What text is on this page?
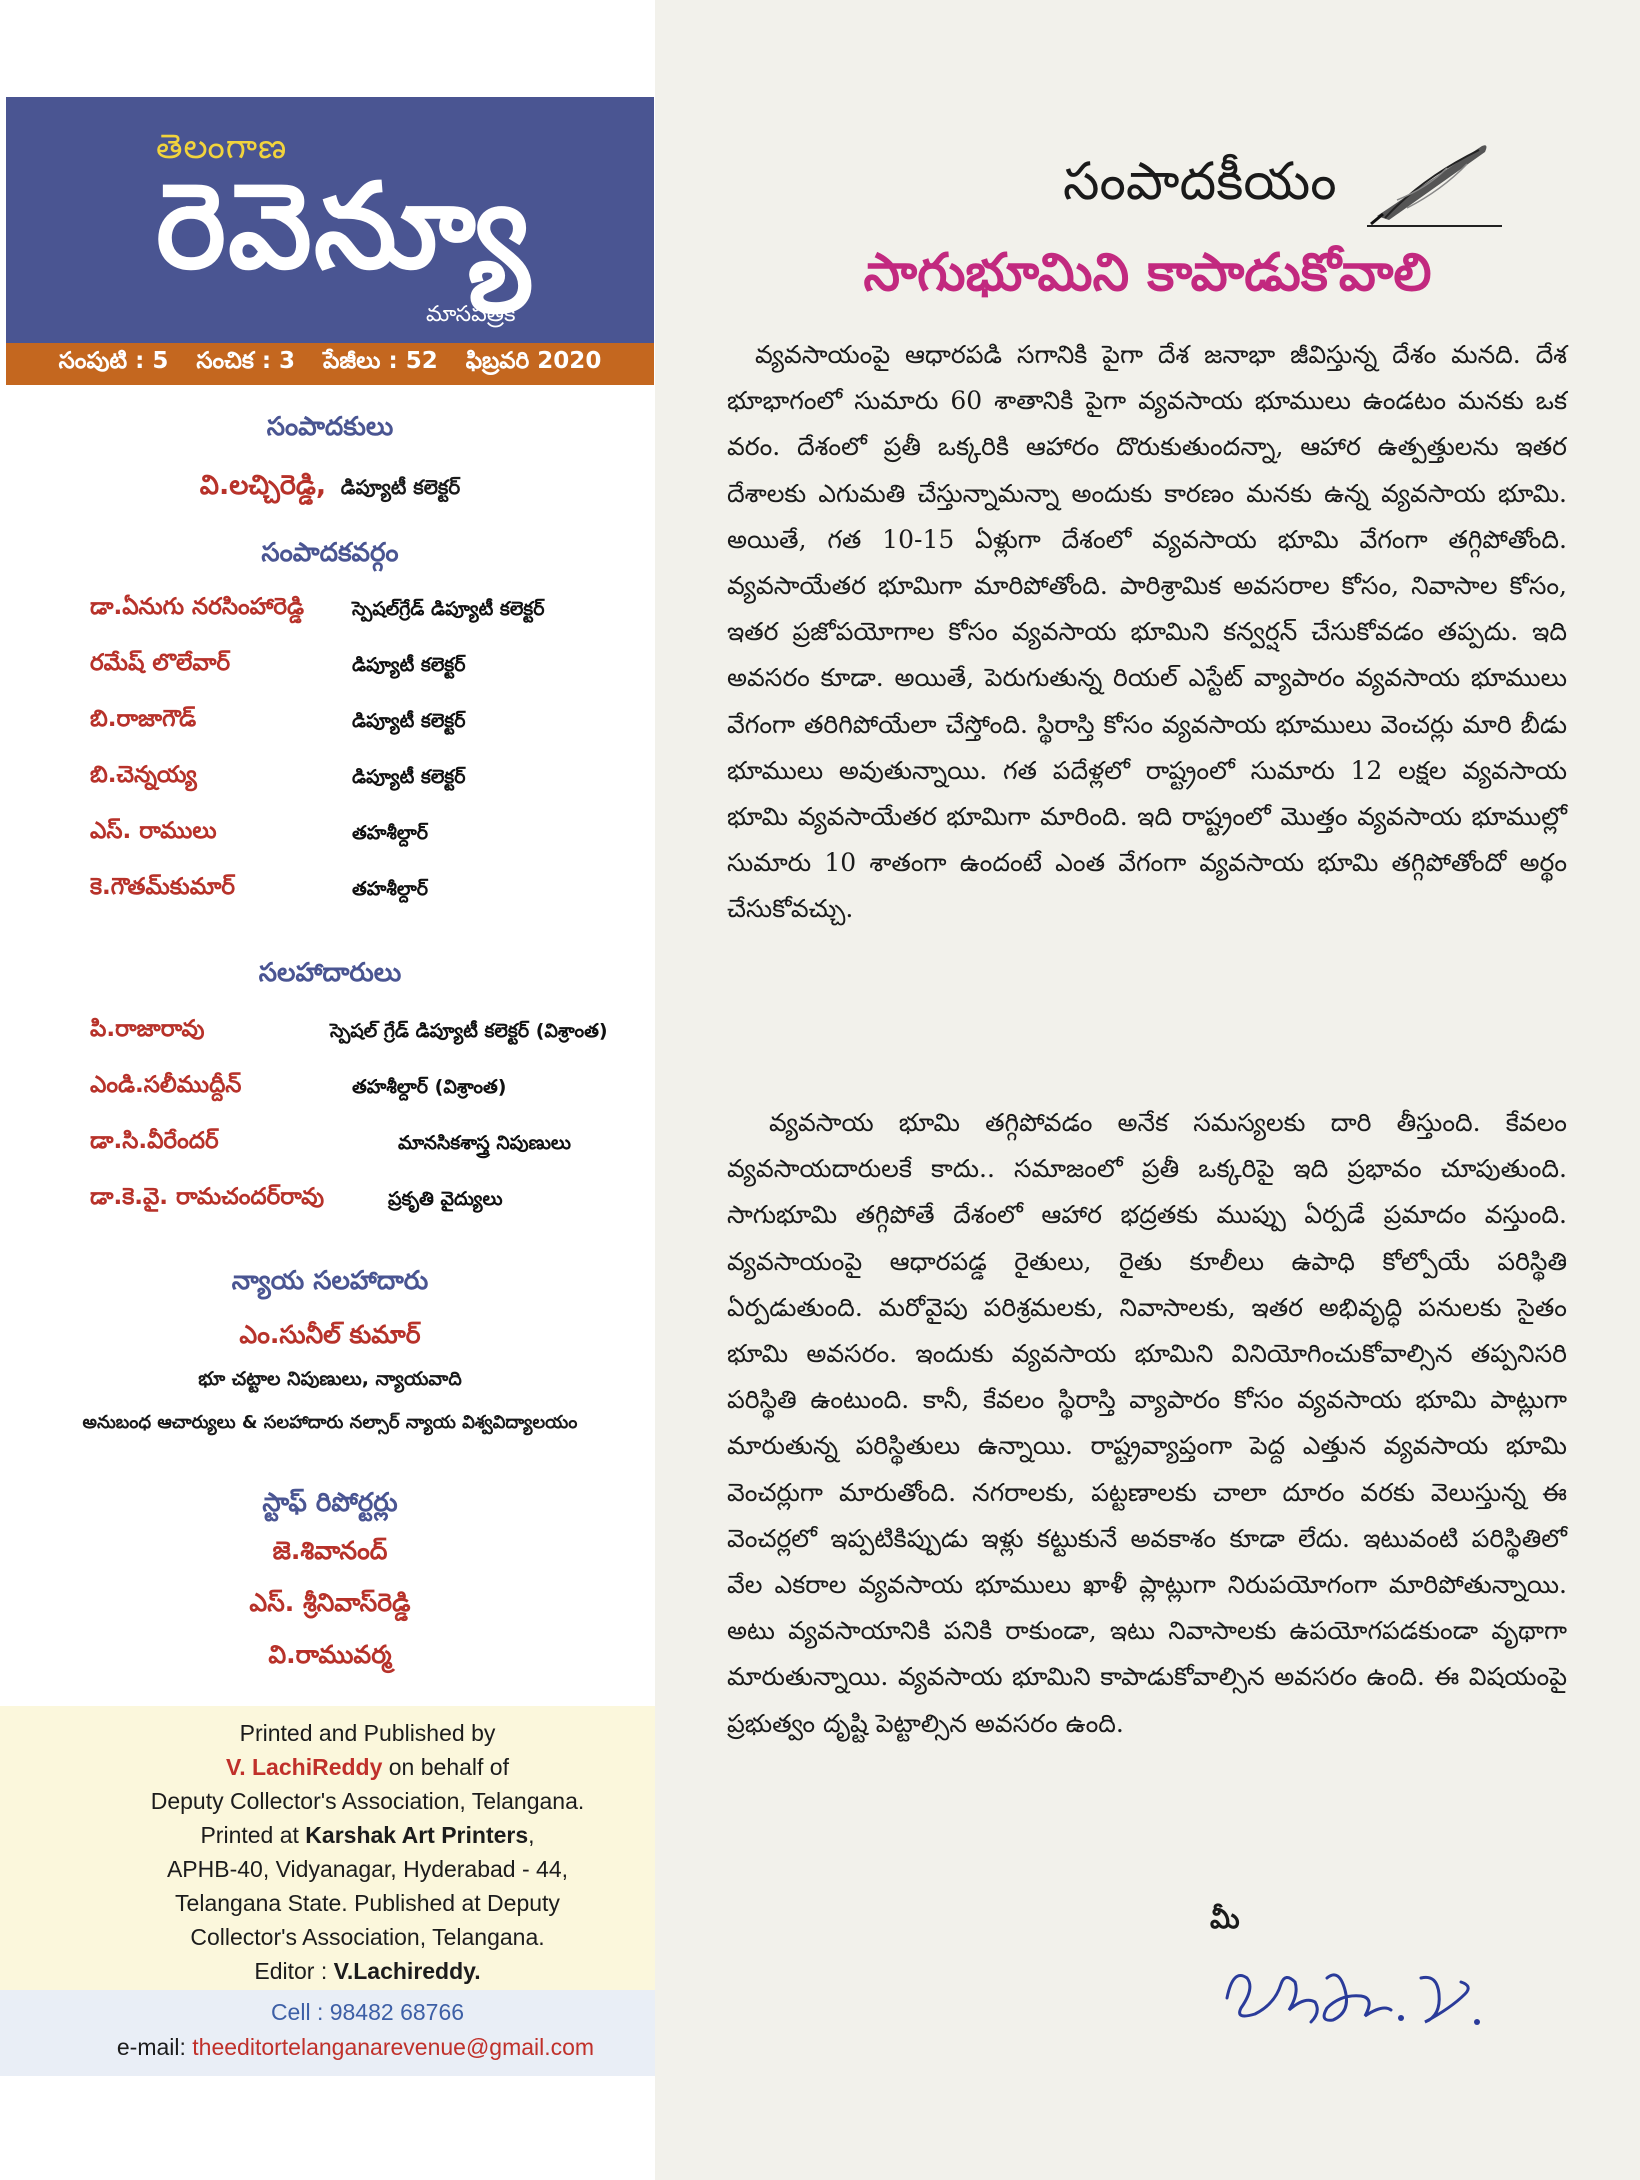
తెలంగాణ
రెవెన్యూ
మాసపత్రిక
సంపుటి : 5 సంచిక : 3 పేజీలు : 52 ఫిబ్రవరి 2020
సంపాదకులు
వి.లచ్చిరెడ్డి, డిప్యూటీ కలెక్టర్
సంపాదకవర్గం
డా.ఏనుగు నరసింహారెడ్డి	స్పెషల్‌గ్రేడ్ డిప్యూటీ కలెక్టర్
రమేష్ లొలేవార్	డిప్యూటీ కలెక్టర్
బి.రాజాగౌడ్	డిప్యూటీ కలెక్టర్
బి.చెన్నయ్య	డిప్యూటీ కలెక్టర్
ఎస్. రాములు	తహశీల్దార్
కె.గౌతమ్‌కుమార్	తహశీల్దార్
సలహాదారులు
పి.రాజారావు	స్పెషల్ గ్రేడ్ డిప్యూటీ కలెక్టర్ (విశ్రాంత)
ఎండి.సలీముద్దీన్	తహశీల్దార్ (విశ్రాంత)
డా.సి.వీరేందర్	మానసికశాస్త్ర నిపుణులు
డా.కె.వై. రామచందర్‌రావు	ప్రకృతి వైద్యులు
న్యాయ సలహాదారు
ఎం.సునీల్ కుమార్
భూ చట్టాల నిపుణులు, న్యాయవాది
అనుబంధ ఆచార్యులు & సలహాదారు నల్సార్ న్యాయ విశ్వవిద్యాలయం
స్టాఫ్ రిపోర్టర్లు
జె.శివానంద్
ఎస్. శ్రీనివాస్‌రెడ్డి
వి.రామువర్మ
Printed and Published by
V. LachiReddy on behalf of
Deputy Collector's Association, Telangana.
Printed at Karshak Art Printers,
APHB-40, Vidyanagar, Hyderabad - 44,
Telangana State. Published at Deputy
Collector's Association, Telangana.
Editor : V.Lachireddy.
Cell : 98482 68766
e-mail: theeditortelanganarevenue@gmail.com
సంపాదకీయం
సాగుభూమిని కాపాడుకోవాలి

వ్యవసాయంపై ఆధారపడి సగానికి పైగా దేశ జనాభా జీవిస్తున్న దేశం మనది. దేశ భూభాగంలో సుమారు 60 శాతానికి పైగా వ్యవసాయ భూములు ఉండటం మనకు ఒక వరం. దేశంలో ప్రతీ ఒక్కరికి ఆహారం దొరుకుతుందన్నా, ఆహార ఉత్పత్తులను ఇతర దేశాలకు ఎగుమతి చేస్తున్నామన్నా అందుకు కారణం మనకు ఉన్న వ్యవసాయ భూమి. అయితే, గత 10-15 ఏళ్లుగా దేశంలో వ్యవసాయ భూమి వేగంగా తగ్గిపోతోంది. వ్యవసాయేతర భూమిగా మారిపోతోంది. పారిశ్రామిక అవసరాల కోసం, నివాసాల కోసం, ఇతర ప్రజోపయోగాల కోసం వ్యవసాయ భూమిని కన్వర్షన్ చేసుకోవడం తప్పదు. ఇది అవసరం కూడా. అయితే, పెరుగుతున్న రియల్ ఎస్టేట్ వ్యాపారం వ్యవసాయ భూములు వేగంగా తరిగిపోయేలా చేస్తోంది. స్థిరాస్తి కోసం వ్యవసాయ భూములు వెంచర్లు మారి బీడు భూములు అవుతున్నాయి. గత పదేళ్లలో రాష్ట్రంలో సుమారు 12 లక్షల వ్యవసాయ భూమి వ్యవసాయేతర భూమిగా మారింది. ఇది రాష్ట్రంలో మొత్తం వ్యవసాయ భూముల్లో సుమారు 10 శాతంగా ఉందంటే ఎంత వేగంగా వ్యవసాయ భూమి తగ్గిపోతోందో అర్థం చేసుకోవచ్చు.

వ్యవసాయ భూమి తగ్గిపోవడం అనేక సమస్యలకు దారి తీస్తుంది. కేవలం వ్యవసాయదారులకే కాదు.. సమాజంలో ప్రతీ ఒక్కరిపై ఇది ప్రభావం చూపుతుంది. సాగుభూమి తగ్గిపోతే దేశంలో ఆహార భద్రతకు ముప్పు ఏర్పడే ప్రమాదం వస్తుంది. వ్యవసాయంపై ఆధారపడ్డ రైతులు, రైతు కూలీలు ఉపాధి కోల్పోయే పరిస్థితి ఏర్పడుతుంది. మరోవైపు పరిశ్రమలకు, నివాసాలకు, ఇతర అభివృద్ధి పనులకు సైతం భూమి అవసరం. ఇందుకు వ్యవసాయ భూమిని వినియోగించుకోవాల్సిన తప్పనిసరి పరిస్థితి ఉంటుంది. కానీ, కేవలం స్థిరాస్తి వ్యాపారం కోసం వ్యవసాయ భూమి పాట్లుగా మారుతున్న పరిస్థితులు ఉన్నాయి. రాష్ట్రవ్యాప్తంగా పెద్ద ఎత్తున వ్యవసాయ భూమి వెంచర్లుగా మారుతోంది. నగరాలకు, పట్టణాలకు చాలా దూరం వరకు వెలుస్తున్న ఈ వెంచర్లలో ఇప్పటికిప్పుడు ఇళ్లు కట్టుకునే అవకాశం కూడా లేదు. ఇటువంటి పరిస్థితిలో వేల ఎకరాల వ్యవసాయ భూములు ఖాళీ ప్లాట్లుగా నిరుపయోగంగా మారిపోతున్నాయి. అటు వ్యవసాయానికి పనికి రాకుండా, ఇటు నివాసాలకు ఉపయోగపడకుండా వృథాగా మారుతున్నాయి. వ్యవసాయ భూమిని కాపాడుకోవాల్సిన అవసరం ఉంది. ఈ విషయంపై ప్రభుత్వం దృష్టి పెట్టాల్సిన అవసరం ఉంది.

మీ
